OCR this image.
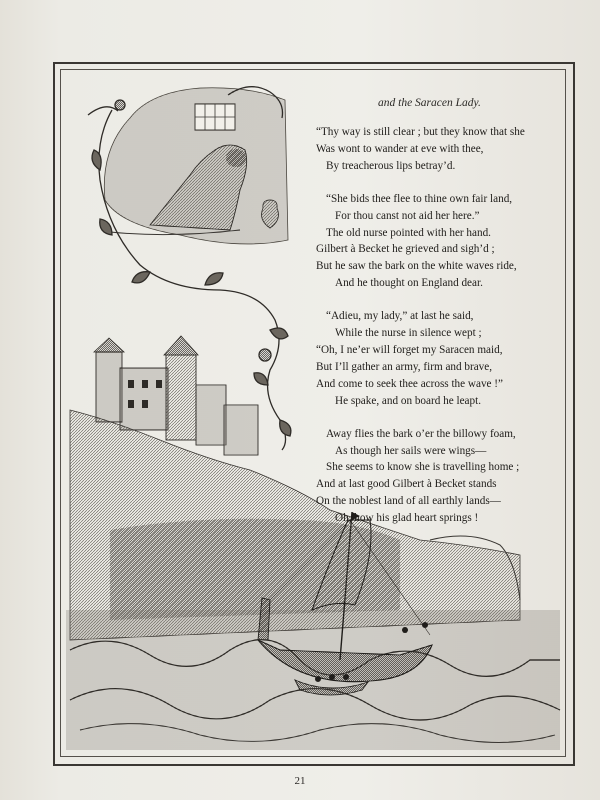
and the Saracen Lady.
“Thy way is still clear ; but they know that she
Was wont to wander at eve with thee,
By treacherous lips betray’d.
“She bids thee flee to thine own fair land,
For thou canst not aid her here.”
The old nurse pointed with her hand.
Gilbert à Becket he grieved and sigh’d ;
But he saw the bark on the white waves ride,
And he thought on England dear.
“Adieu, my lady,” at last he said,
While the nurse in silence wept ;
“Oh, I ne’er will forget my Saracen maid,
But I’ll gather an army, firm and brave,
And come to seek thee across the wave !”
He spake, and on board he leapt.
Away flies the bark o’er the billowy foam,
As though her sails were wings—
She seems to know she is travelling home ;
And at last good Gilbert à Becket stands
On the noblest land of all earthly lands—
Oh, how his glad heart springs !
21
